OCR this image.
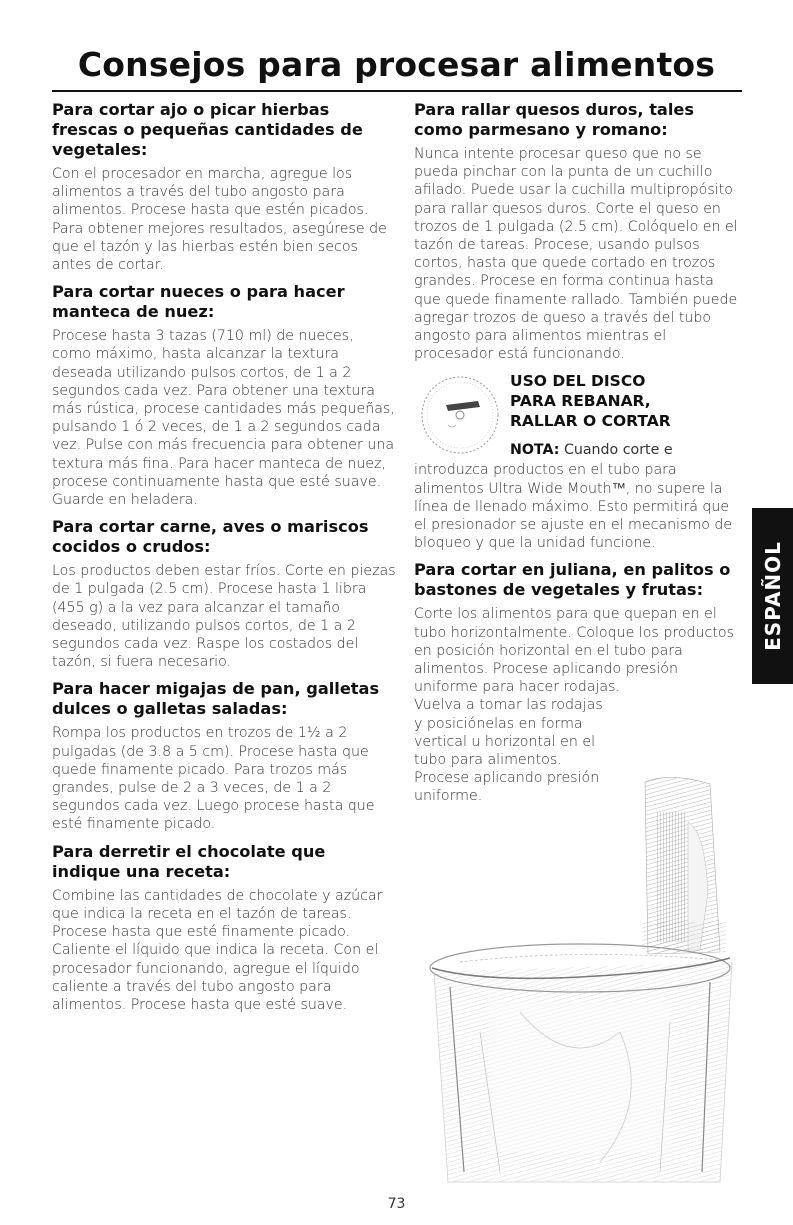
Consejos para procesar alimentos
Para cortar ajo o picar hierbas frescas o pequeñas cantidades de vegetales:

Con el procesador en marcha, agregue los alimentos a través del tubo angosto para alimentos. Procese hasta que estén picados. Para obtener mejores resultados, asegúrese de que el tazón y las hierbas estén bien secos antes de cortar.

Para cortar nueces o para hacer manteca de nuez:

Procese hasta 3 tazas (710 ml) de nueces, como máximo, hasta alcanzar la textura deseada utilizando pulsos cortos, de 1 a 2 segundos cada vez. Para obtener una textura más rústica, procese cantidades más pequeñas, pulsando 1 ó 2 veces, de 1 a 2 segundos cada vez. Pulse con más frecuencia para obtener una textura más fina. Para hacer manteca de nuez, procese continuamente hasta que esté suave. Guarde en heladera.

Para cortar carne, aves o mariscos cocidos o crudos:

Los productos deben estar fríos. Corte en piezas de 1 pulgada (2.5 cm). Procese hasta 1 libra (455 g) a la vez para alcanzar el tamaño deseado, utilizando pulsos cortos, de 1 a 2 segundos cada vez. Raspe los costados del tazón, si fuera necesario.

Para hacer migajas de pan, galletas dulces o galletas saladas:

Rompa los productos en trozos de 1½ a 2 pulgadas (de 3.8 a 5 cm). Procese hasta que quede finamente picado. Para trozos más grandes, pulse de 2 a 3 veces, de 1 a 2 segundos cada vez. Luego procese hasta que esté finamente picado.

Para derretir el chocolate que indique una receta:

Combine las cantidades de chocolate y azúcar que indica la receta en el tazón de tareas. Procese hasta que esté finamente picado. Caliente el líquido que indica la receta. Con el procesador funcionando, agregue el líquido caliente a través del tubo angosto para alimentos. Procese hasta que esté suave.

Para rallar quesos duros, tales como parmesano y romano:

Nunca intente procesar queso que no se pueda pinchar con la punta de un cuchillo afilado. Puede usar la cuchilla multipropósito para rallar quesos duros. Corte el queso en trozos de 1 pulgada (2.5 cm). Colóquelo en el tazón de tareas. Procese, usando pulsos cortos, hasta que quede cortado en trozos grandes. Procese en forma continua hasta que quede finamente rallado. También puede agregar trozos de queso a través del tubo angosto para alimentos mientras el procesador está funcionando.

USO DEL DISCO
PARA REBANAR,
RALLAR O CORTAR
NOTA: Cuando corte e

introduzca productos en el tubo para alimentos Ultra Wide Mouth™, no supere la línea de llenado máximo. Esto permitirá que el presionador se ajuste en el mecanismo de bloqueo y que la unidad funcione.

Para cortar en juliana, en palitos o bastones de vegetales y frutas:

Corte los alimentos para que quepan en el tubo horizontalmente. Coloque los productos en posición horizontal en el tubo para alimentos. Procese aplicando presión uniforme para hacer rodajas.

Vuelva a tomar las rodajas y posiciónelas en forma vertical u horizontal en el tubo para alimentos. Procese aplicando presión uniforme.

ESPAÑOL
73
